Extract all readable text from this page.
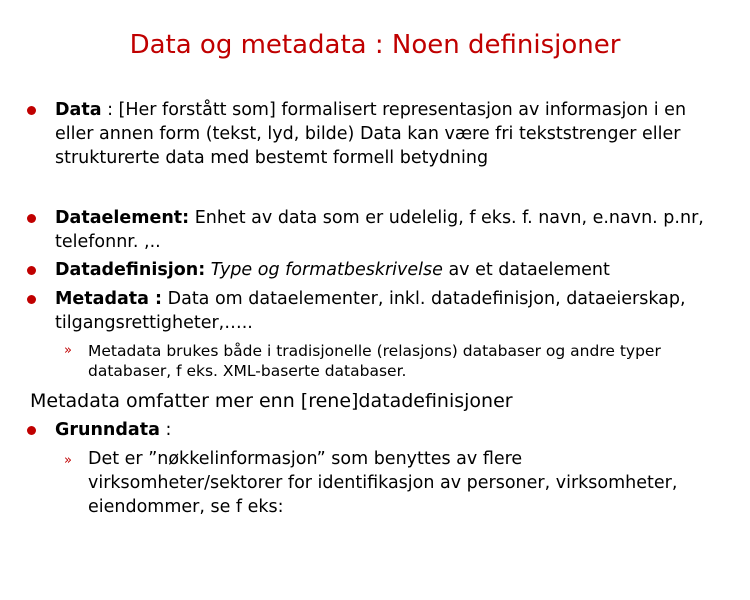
Data og metadata : Noen definisjoner
Data : [Her forstått som] formalisert representasjon av informasjon i en eller annen form (tekst, lyd, bilde) Data kan være fri tekststrenger eller strukturerte data med bestemt formell betydning
Dataelement: Enhet av data som er udelelig, f eks. f. navn, e.navn. p.nr, telefonnr. ,..
Datadefinisjon: Type og formatbeskrivelse av et dataelement
Metadata : Data om dataelementer, inkl. datadefinisjon, dataeierskap, tilgangsrettigheter,…..
» Metadata brukes både i tradisjonelle (relasjons) databaser og andre typer databaser, f eks. XML-baserte databaser.
Metadata omfatter mer enn [rene]datadefinisjoner
Grunndata :
» Det er ”nøkkelinformasjon” som benyttes av flere virksomheter/sektorer for identifikasjon av personer, virksomheter, eiendommer, se f eks:
